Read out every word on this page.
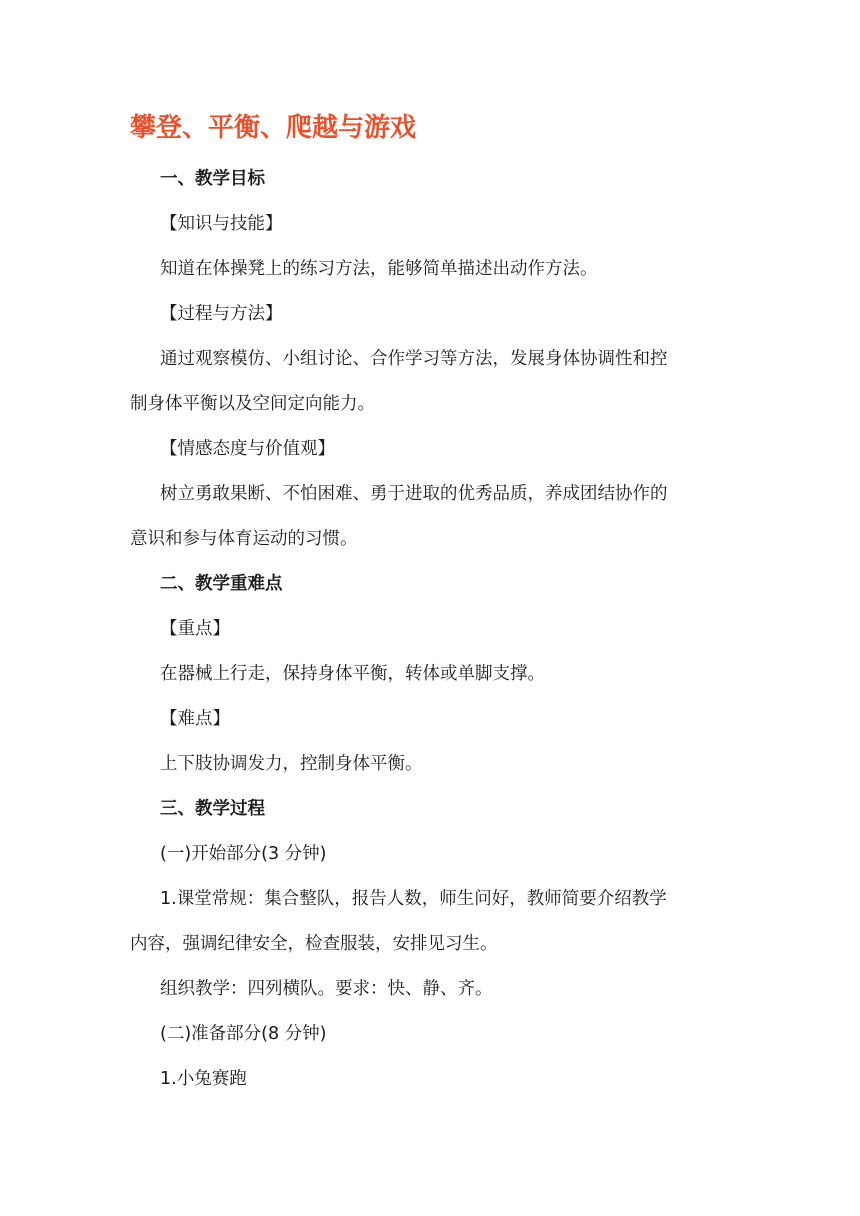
攀登、平衡、爬越与游戏
一、教学目标
【知识与技能】
知道在体操凳上的练习方法，能够简单描述出动作方法。
【过程与方法】
通过观察模仿、小组讨论、合作学习等方法，发展身体协调性和控
制身体平衡以及空间定向能力。
【情感态度与价值观】
树立勇敢果断、不怕困难、勇于进取的优秀品质，养成团结协作的
意识和参与体育运动的习惯。
二、教学重难点
【重点】
在器械上行走，保持身体平衡，转体或单脚支撑。
【难点】
上下肢协调发力，控制身体平衡。
三、教学过程
(一)开始部分(3 分钟)
1.课堂常规：集合整队，报告人数，师生问好，教师简要介绍教学
内容，强调纪律安全，检查服装，安排见习生。
组织教学：四列横队。要求：快、静、齐。
(二)准备部分(8 分钟)
1.小兔赛跑
